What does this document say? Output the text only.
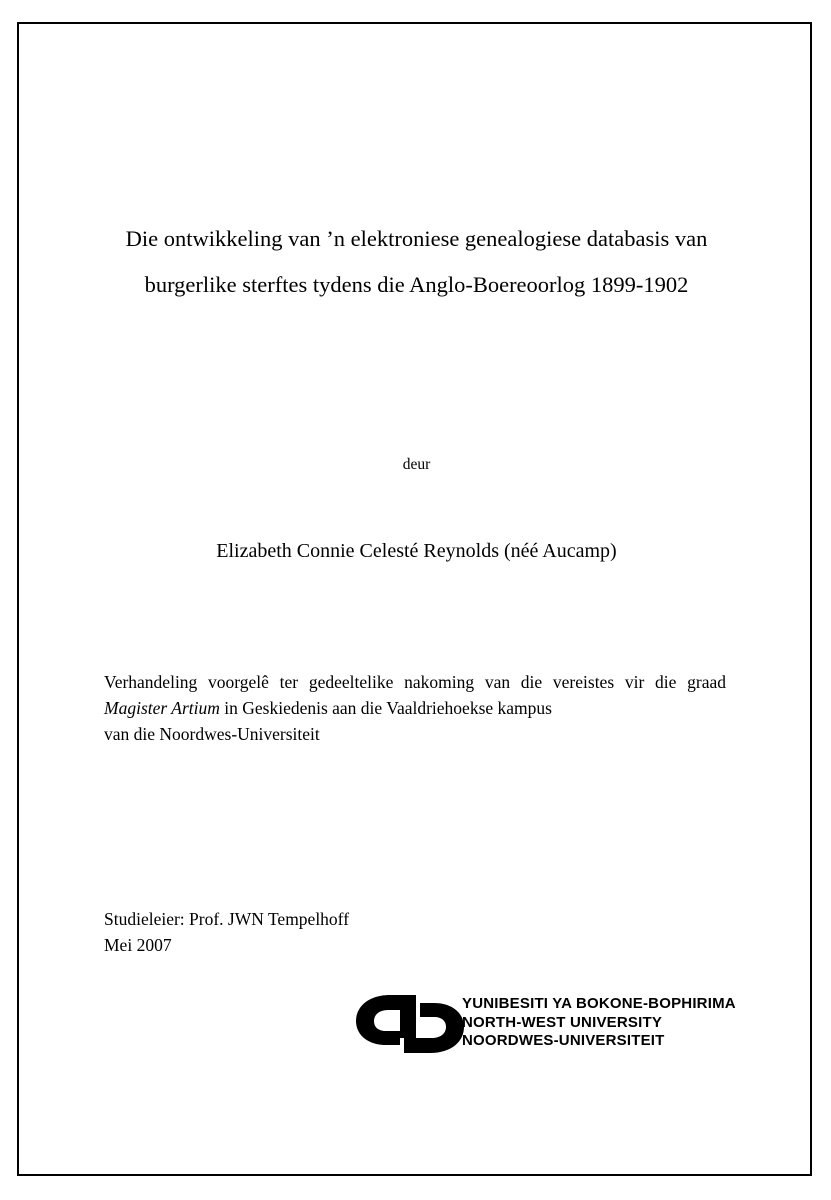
Die ontwikkeling van ’n elektroniese genealogiese databasis van
burgerlike sterftes tydens die Anglo-Boereoorlog 1899-1902
deur
Elizabeth Connie Celesté Reynolds (néé Aucamp)
Verhandeling voorgelê ter gedeeltelike nakoming van die vereistes vir die graad Magister Artium in Geskiedenis aan die Vaaldriehoekse kampus
van die Noordwes-Universiteit
Studieleier: Prof. JWN Tempelhoff
Mei 2007
YUNIBESITI YA BOKONE-BOPHIRIMA
NORTH-WEST UNIVERSITY
NOORDWES-UNIVERSITEIT
